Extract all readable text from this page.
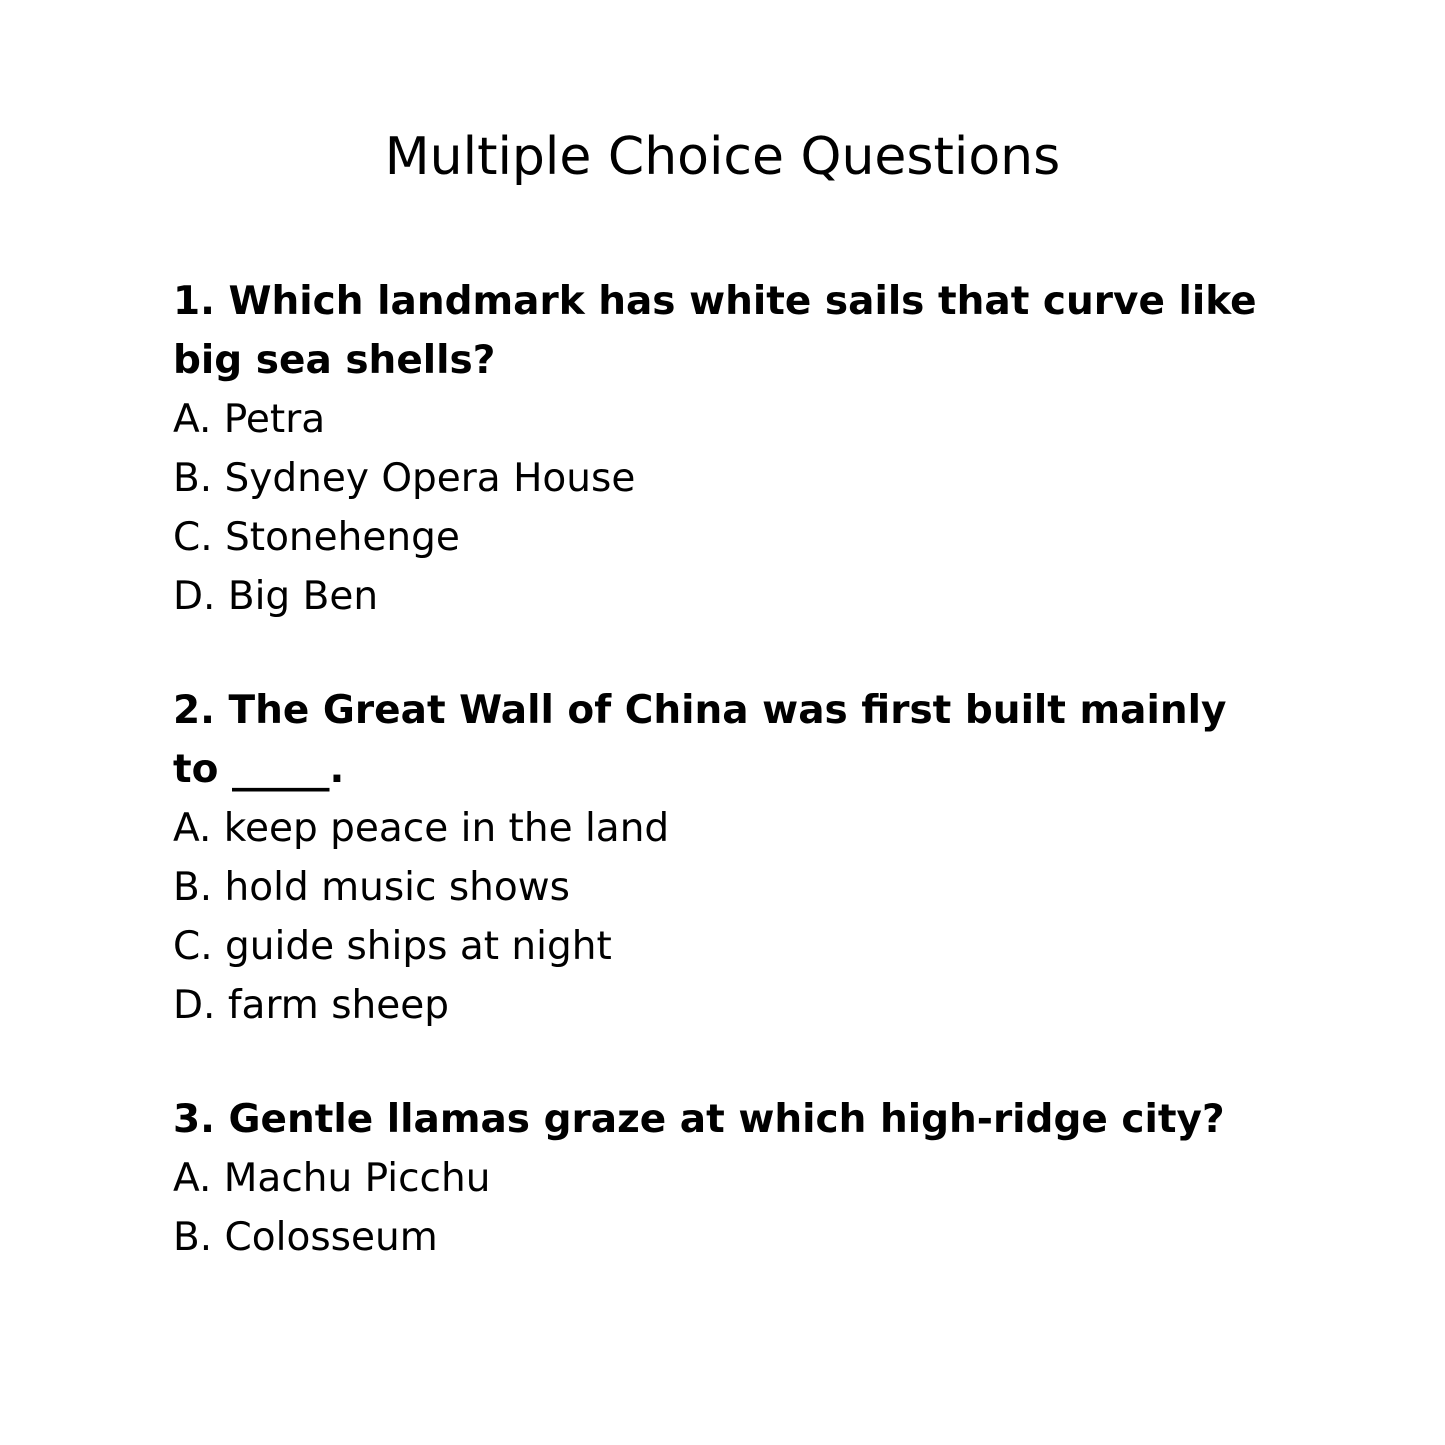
Multiple Choice Questions

1. Which landmark has white sails that curve like big sea shells?

A. Petra

B. Sydney Opera House

C. Stonehenge

D. Big Ben

2. The Great Wall of China was first built mainly to _____.

A. keep peace in the land

B. hold music shows

C. guide ships at night

D. farm sheep

3. Gentle llamas graze at which high-ridge city?

A. Machu Picchu

B. Colosseum
